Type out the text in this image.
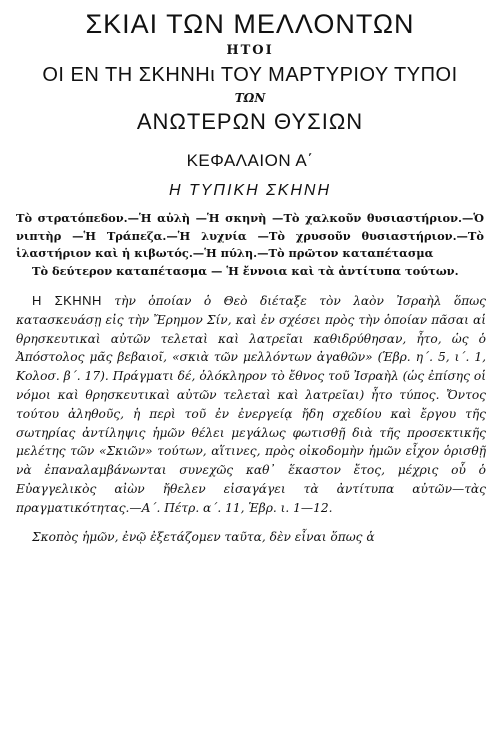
ΣΚΙΑΙ ΤΩΝ ΜΕΛΛΟΝΤΩΝ
ΗΤΟΙ
ΟΙ ΕΝ ΤΗ ΣΚΗΝΗι ΤΟΥ ΜΑΡΤΥΡΙΟΥ ΤΥΠΟΙ
ΤΩΝ
ΑΝΩΤΕΡΩΝ ΘΥΣΙΩΝ
ΚΕΦΑΛΑΙΟΝ Α΄
Η ΤΥΠΙΚΗ ΣΚΗΝΗ

Τὸ στρατόπεδον.—Ἡ αὐλὴ —Ἡ σκηνὴ —Τὸ χαλκοῦν θυσιαστήριον.—Ὁ νιπτὴρ —Ἡ Τράπεζα.—Ἡ λυχνία —Τὸ χρυσοῦν θυσιαστήριον.—Τὸ ἱλαστήριον καὶ ἡ κιβωτός.—Ἡ πύλη.—Τὸ πρῶτον καταπέτασμα

Τὸ δεύτερον καταπέτασμα — Ἡ ἔννοια καὶ τὰ ἀντίτυπα τούτων.

Η ΣΚΗΝΗ τὴν ὁποίαν ὁ Θεὸ διέταξε τὸν λαὸν Ἰσραὴλ ὅπως κατασκευάσῃ εἰς τὴν Ἔρημον Σίν, καὶ ἐν σχέσει πρὸς τὴν ὁποίαν πᾶσαι αἱ θρησκευτικαὶ αὐτῶν τελεταὶ καὶ λατρεῖαι καθιδρύθησαν, ἦτο, ὡς ὁ Ἀπόστολος μᾶς βεβαιοῖ, «σκιὰ τῶν μελλόντων ἀγαθῶν» (Ἑβρ. η΄. 5, ι΄. 1, Κολοσ. β΄. 17). Πράγματι δέ, ὁλόκληρον τὸ ἔθνος τοῦ Ἰσραὴλ (ὡς ἐπίσης οἱ νόμοι καὶ θρησκευτικαὶ αὐτῶν τελεταὶ καὶ λατρεῖαι) ἦτο τύπος. Ὄντος τούτου ἀληθοῦς, ἡ περὶ τοῦ ἐν ἐνεργείᾳ ἤδη σχεδίου καὶ ἔργου τῆς σωτηρίας ἀντίληψις ἡμῶν θέλει μεγάλως φωτισθῇ διὰ τῆς προσεκτικῆς μελέτης τῶν «Σκιῶν» τούτων, αἵτινες, πρὸς οἰκοδομὴν ἡμῶν εἶχον ὁρισθῇ νὰ ἐπαναλαμβάνωνται συνεχῶς καθ᾽ ἕκαστον ἔτος, μέχρις οὗ ὁ Εὐαγγελικὸς αἰὼν ἤθελεν εἰσαγάγει τὰ ἀντίτυπα αὐτῶν—τὰς πραγματικότητας.—Α΄. Πέτρ. α΄. 11, Ἑβρ. ι. 1—12.

Σκοπὸς ἡμῶν, ἐνῷ ἐξετάζομεν ταῦτα, δὲν εἶναι ὅπως ἁ
